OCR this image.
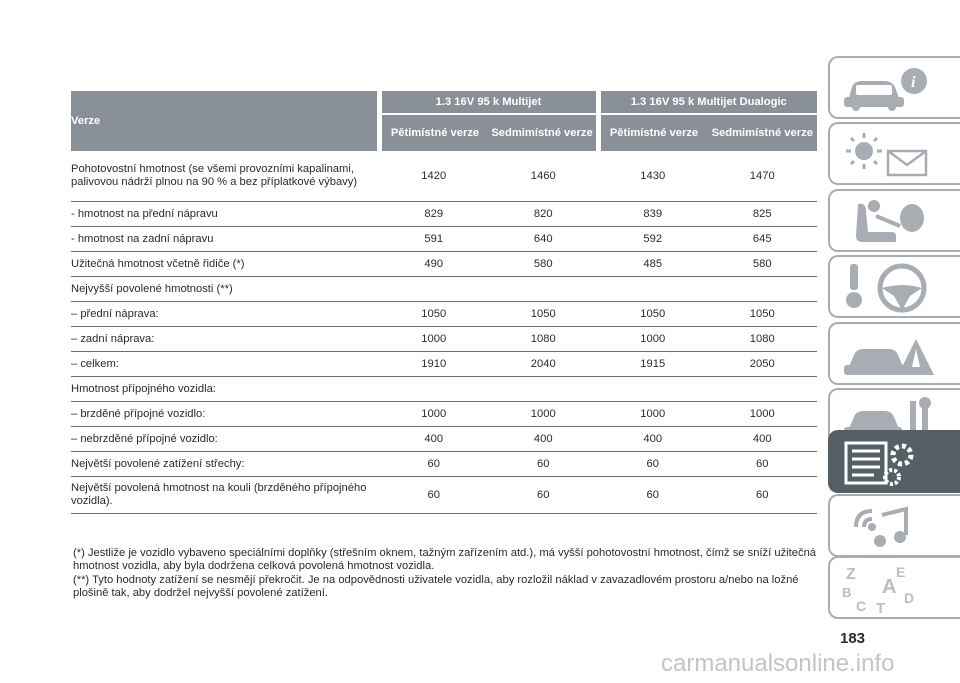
Verze	1.3 16V 95 k Multijet		1.3 16V 95 k Multijet Dualogic	
	Pětimístné verze	Sedmimístné verze	Pětimístné verze	Sedmimístné verze
Pohotovostní hmotnost (se všemi provozními kapalinami, palivovou nádrží plnou na 90 % a bez příplatkové výbavy)	1420	1460	1430	1470
- hmotnost na přední nápravu	829	820	839	825
- hmotnost na zadní nápravu	591	640	592	645
Užitečná hmotnost včetně řidiče (*)	490	580	485	580
Nejvyšší povolené hmotnosti (**)				
– přední náprava:	1050	1050	1050	1050
– zadní náprava:	1000	1080	1000	1080
– celkem:	1910	2040	1915	2050
Hmotnost přípojného vozidla:				
– brzděné přípojné vozidlo:	1000	1000	1000	1000
– nebrzděné přípojné vozidlo:	400	400	400	400
Největší povolené zatížení střechy:	60	60	60	60
Největší povolená hmotnost na kouli (brzděného přípojného vozidla).	60	60	60	60

(*) Jestliže je vozidlo vybaveno speciálními doplňky (střešním oknem, tažným zařízením atd.), má vyšší pohotovostní hmotnost, čímž se sníží užitečná hmotnost vozidla, aby byla dodržena celková povolená hmotnost vozidla.

(**) Tyto hodnoty zatížení se nesmějí překročit. Je na odpovědnosti uživatele vozidla, aby rozložil náklad v zavazadlovém prostoru a/nebo na ložné plošině tak, aby dodržel nejvyšší povolené zatížení.

183
carmanualsonline.info
i
Z	E
B A
C T
D
